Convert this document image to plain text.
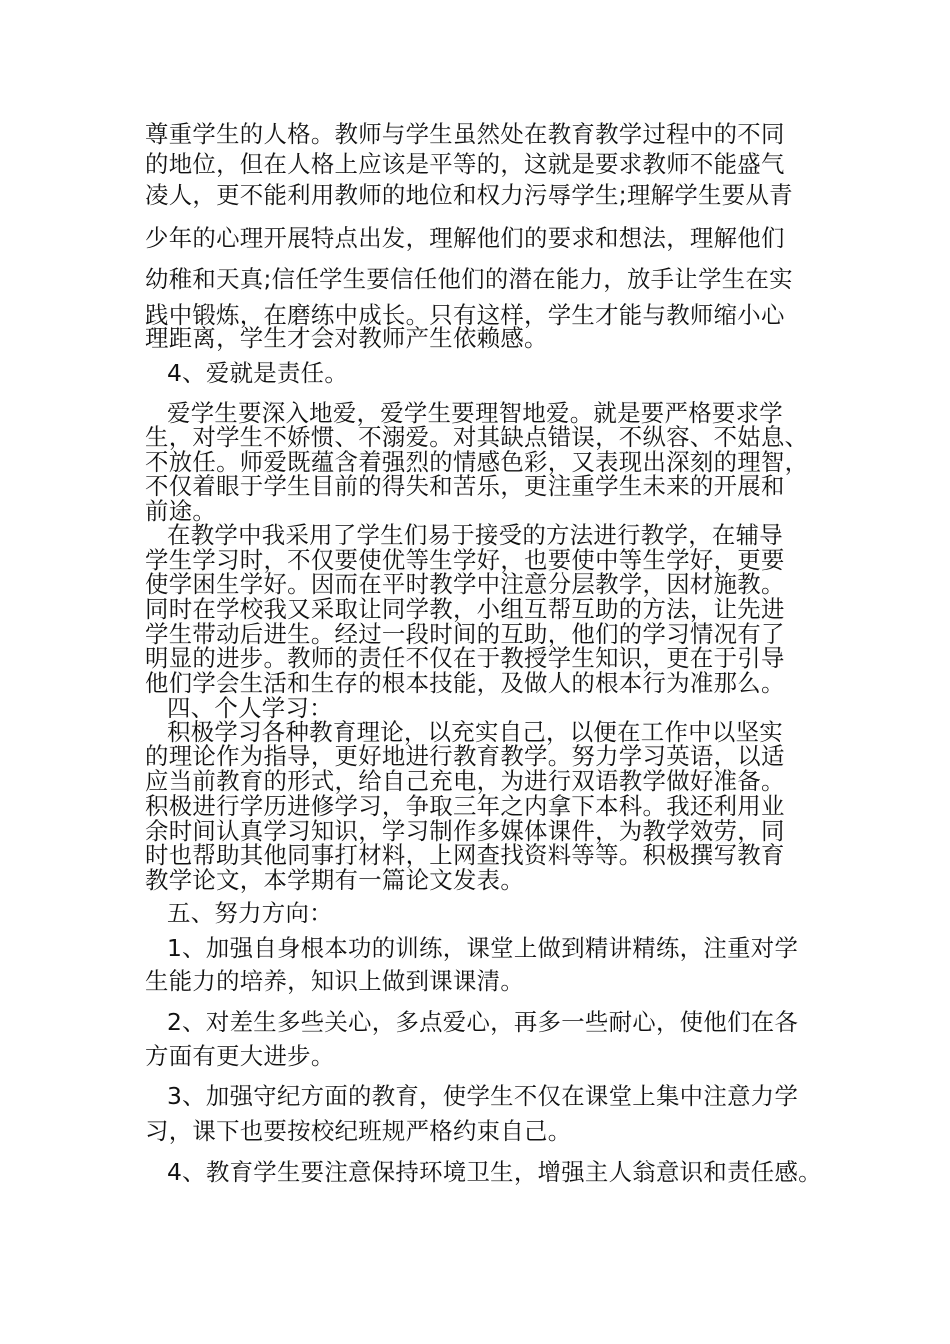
尊重学生的人格。教师与学生虽然处在教育教学过程中的不同

的地位，但在人格上应该是平等的，这就是要求教师不能盛气

凌人，更不能利用教师的地位和权力污辱学生;理解学生要从青

少年的心理开展特点出发，理解他们的要求和想法，理解他们

幼稚和天真;信任学生要信任他们的潜在能力，放手让学生在实

践中锻炼，在磨练中成长。只有这样，学生才能与教师缩小心

理距离，学生才会对教师产生依赖感。

4、爱就是责任。

爱学生要深入地爱，爱学生要理智地爱。就是要严格要求学

生，对学生不娇惯、不溺爱。对其缺点错误，不纵容、不姑息、

不放任。师爱既蕴含着强烈的情感色彩，又表现出深刻的理智，

不仅着眼于学生目前的得失和苦乐，更注重学生未来的开展和

前途。

在教学中我采用了学生们易于接受的方法进行教学，在辅导

学生学习时，不仅要使优等生学好，也要使中等生学好，更要

使学困生学好。因而在平时教学中注意分层教学，因材施教。

同时在学校我又采取让同学教，小组互帮互助的方法，让先进

学生带动后进生。经过一段时间的互助，他们的学习情况有了

明显的进步。教师的责任不仅在于教授学生知识，更在于引导

他们学会生活和生存的根本技能，及做人的根本行为准那么。

四、个人学习：

积极学习各种教育理论，以充实自己，以便在工作中以坚实

的理论作为指导，更好地进行教育教学。努力学习英语，以适

应当前教育的形式，给自己充电，为进行双语教学做好准备。

积极进行学历进修学习，争取三年之内拿下本科。我还利用业

余时间认真学习知识，学习制作多媒体课件，为教学效劳，同

时也帮助其他同事打材料，上网查找资料等等。积极撰写教育

教学论文，本学期有一篇论文发表。

五、努力方向：

1、加强自身根本功的训练，课堂上做到精讲精练，注重对学

生能力的培养，知识上做到课课清。

2、对差生多些关心，多点爱心，再多一些耐心，使他们在各

方面有更大进步。

3、加强守纪方面的教育，使学生不仅在课堂上集中注意力学

习，课下也要按校纪班规严格约束自己。

4、教育学生要注意保持环境卫生，增强主人翁意识和责任感。
